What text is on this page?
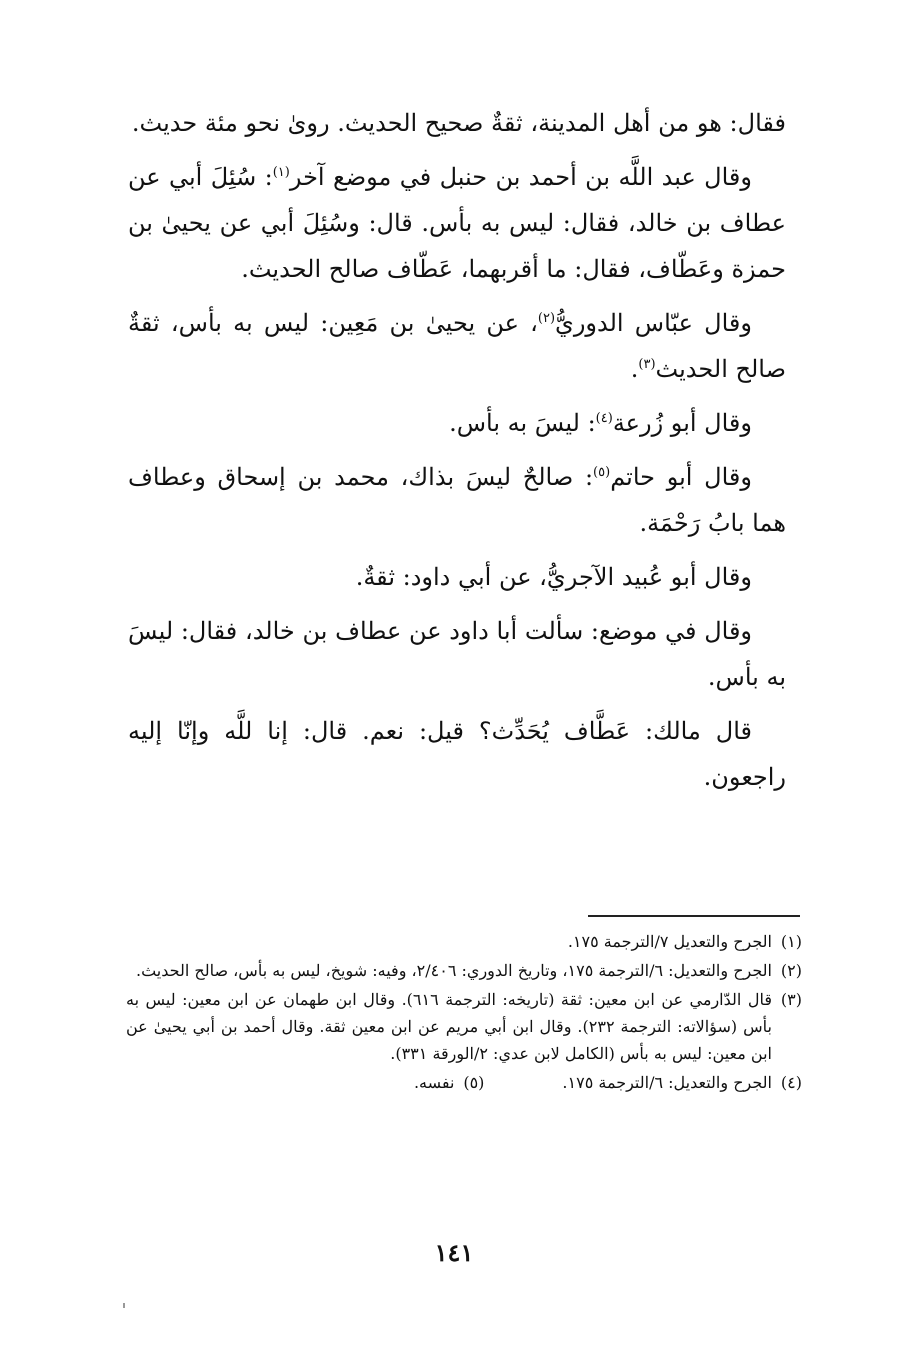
فقال: هو من أهل المدينة، ثقةٌ صحيح الحديث. روىٰ نحو مئة حديث.

وقال عبد اللَّه بن أحمد بن حنبل في موضع آخر$^{(١)}$: سُئِلَ أبي عن عطاف بن خالد، فقال: ليس به بأس. قال: وسُئِلَ أبي عن يحيىٰ بن حمزة وعَطّاف، فقال: ما أقربهما، عَطّاف صالح الحديث.

وقال عبّاس الدوريُّ$^{(٢)}$، عن يحيىٰ بن مَعِين: ليس به بأس، ثقةٌ صالح الحديث$^{(٣)}$.

وقال أبو زُرعة$^{(٤)}$: ليسَ به بأس.

وقال أبو حاتم$^{(٥)}$: صالحٌ ليسَ بذاك، محمد بن إسحاق وعطاف هما بابُ رَحْمَة.

وقال أبو عُبيد الآجريُّ، عن أبي داود: ثقةٌ.

وقال في موضع: سألت أبا داود عن عطاف بن خالد، فقال: ليسَ به بأس.

قال مالك: عَطَّاف يُحَدِّث؟ قيل: نعم. قال: إنا للَّه وإنّا إليه راجعون.

(١)
الجرح والتعديل ٧/الترجمة ١٧٥.
(٢)
الجرح والتعديل: ٦/الترجمة ١٧٥، وتاريخ الدوري: ٢/٤٠٦، وفيه: شويخ، ليس به بأس، صالح الحديث.
(٣)
قال الدّارمي عن ابن معين: ثقة (تاريخه: الترجمة ٦١٦). وقال ابن طهمان عن ابن معين: ليس به بأس (سؤالاته: الترجمة ٢٣٢). وقال ابن أبي مريم عن ابن معين ثقة. وقال أحمد بن أبي يحيىٰ عن ابن معين: ليس به بأس (الكامل لابن عدي: ٢/الورقة ٣٣١).
(٤)
الجرح والتعديل: ٦/الترجمة ١٧٥.
(٥)
نفسه.
١٤١
